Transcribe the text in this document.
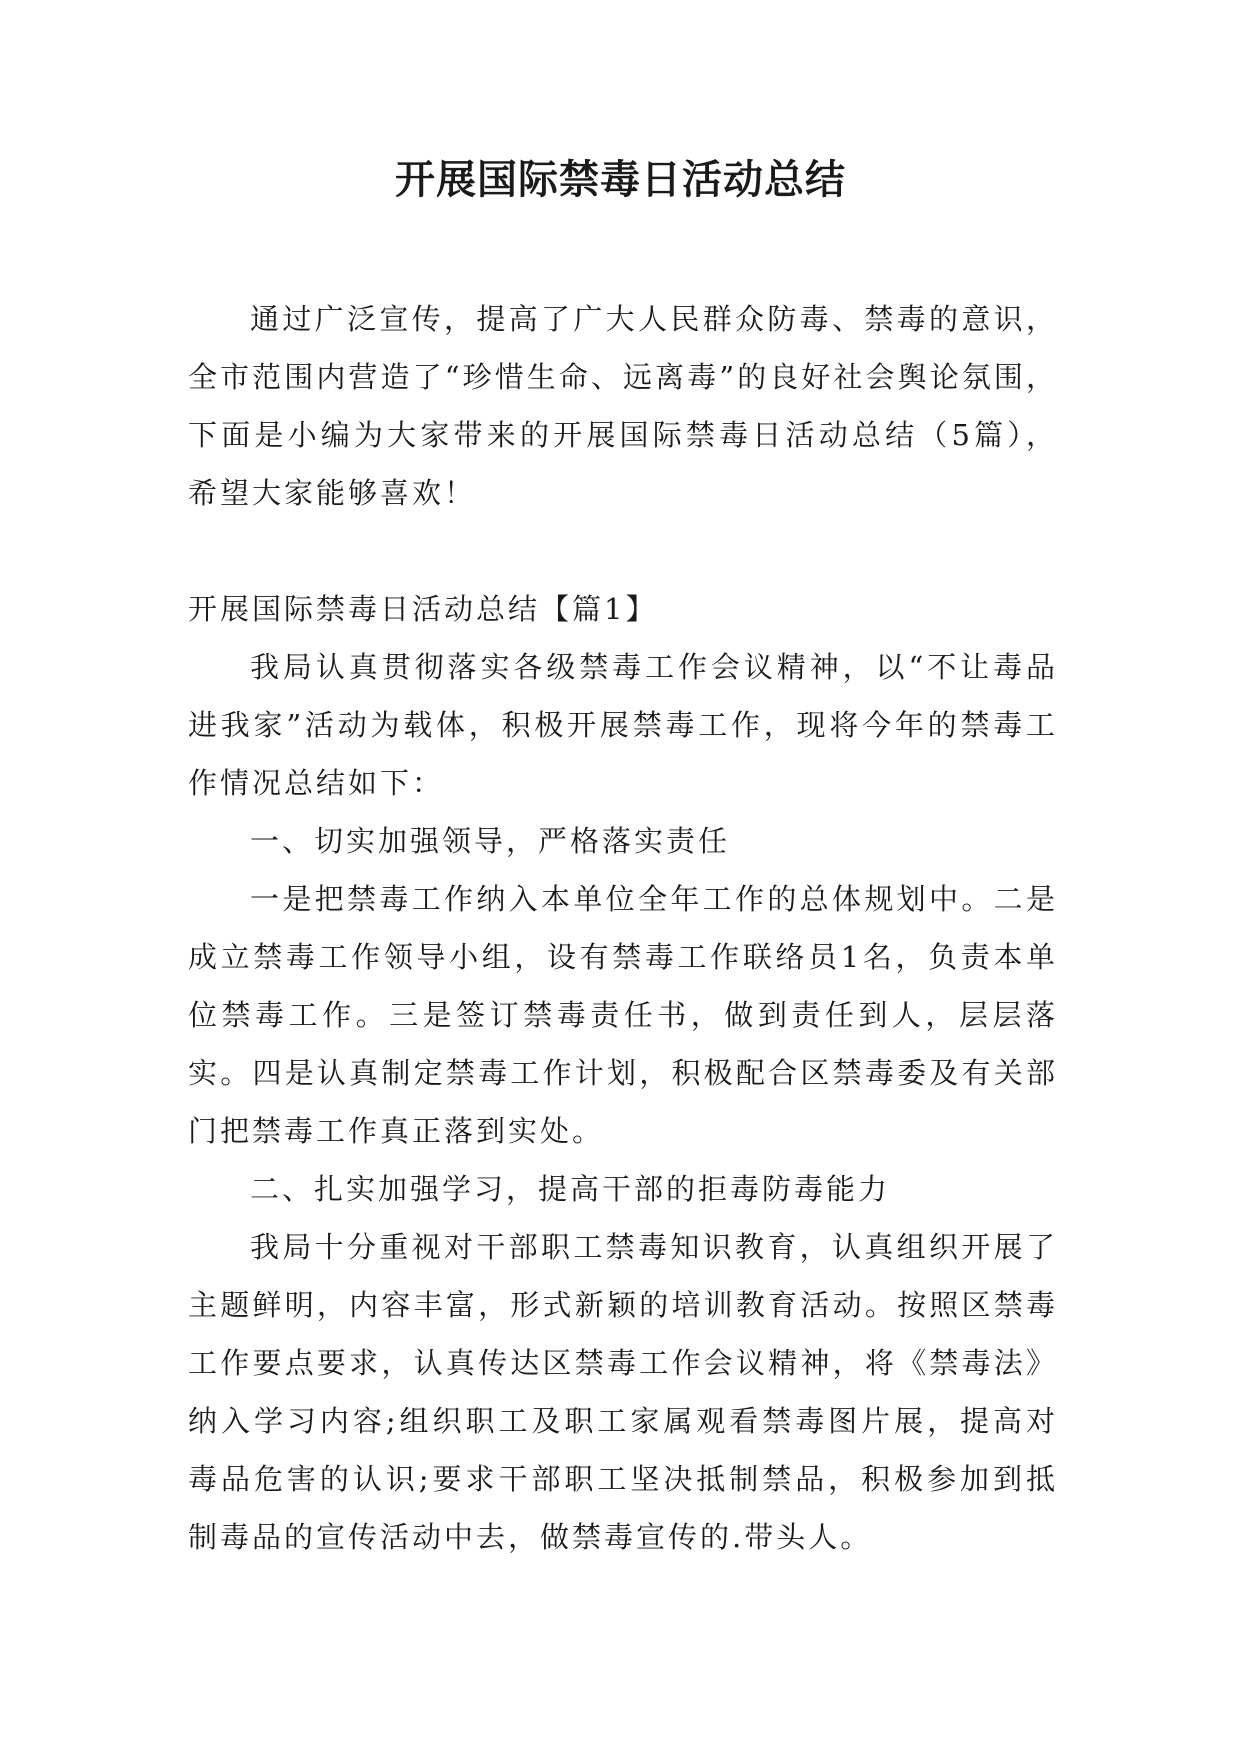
开展国际禁毒日活动总结

通过广泛宣传，提高了广大人民群众防毒、禁毒的意识，全市范围内营造了“珍惜生命、远离毒”的良好社会舆论氛围，下面是小编为大家带来的开展国际禁毒日活动总结（5篇），希望大家能够喜欢！

开展国际禁毒日活动总结【篇1】

我局认真贯彻落实各级禁毒工作会议精神，以“不让毒品进我家”活动为载体，积极开展禁毒工作，现将今年的禁毒工作情况总结如下：

一、切实加强领导，严格落实责任

一是把禁毒工作纳入本单位全年工作的总体规划中。二是成立禁毒工作领导小组，设有禁毒工作联络员1名，负责本单位禁毒工作。三是签订禁毒责任书，做到责任到人，层层落实。四是认真制定禁毒工作计划，积极配合区禁毒委及有关部门把禁毒工作真正落到实处。

二、扎实加强学习，提高干部的拒毒防毒能力

我局十分重视对干部职工禁毒知识教育，认真组织开展了主题鲜明，内容丰富，形式新颖的培训教育活动。按照区禁毒工作要点要求，认真传达区禁毒工作会议精神，将《禁毒法》纳入学习内容;组织职工及职工家属观看禁毒图片展，提高对毒品危害的认识;要求干部职工坚决抵制禁品，积极参加到抵制毒品的宣传活动中去，做禁毒宣传的.带头人。
